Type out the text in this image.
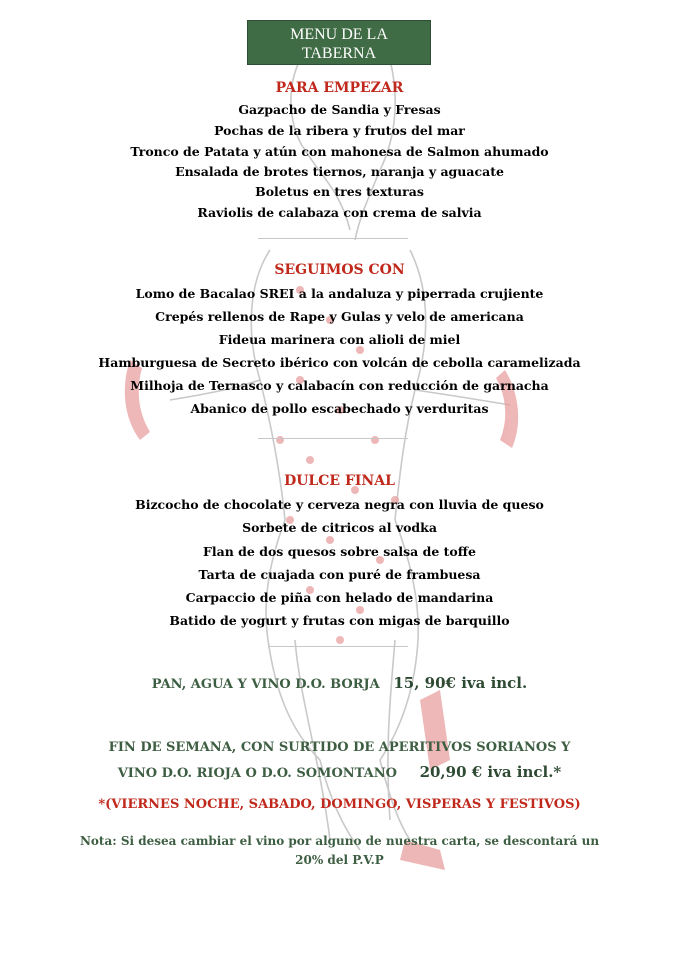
MENU DE LA
TABERNA
PARA EMPEZAR
Gazpacho de Sandia y Fresas
Pochas de la ribera y frutos del mar
Tronco de Patata y atún con mahonesa de Salmon ahumado
Ensalada de brotes tiernos, naranja y aguacate
Boletus en tres texturas
Raviolis de calabaza con crema de salvia
SEGUIMOS CON
Lomo de Bacalao SREI a la andaluza y piperrada crujiente
Crepés rellenos de Rape y Gulas y velo de americana
Fideua marinera con alioli de miel
Hamburguesa de Secreto ibérico con volcán de cebolla caramelizada
Milhoja de Ternasco y calabacín con reducción de garnacha
Abanico de pollo escabechado y verduritas
DULCE FINAL
Bizcocho de chocolate y cerveza negra con lluvia de queso
Sorbete de citricos al vodka
Flan de dos quesos sobre salsa de toffe
Tarta de cuajada con puré de frambuesa
Carpaccio de piña con helado de mandarina
Batido de yogurt y frutas con migas de barquillo
PAN, AGUA Y VINO D.O. BORJA 15, 90€ iva incl.
FIN DE SEMANA, CON SURTIDO DE APERITIVOS SORIANOS Y
VINO D.O. RIOJA O D.O. SOMONTANO 20,90 € iva incl.*
*(VIERNES NOCHE, SABADO, DOMINGO, VISPERAS Y FESTIVOS)
Nota: Si desea cambiar el vino por alguno de nuestra carta, se descontará un
20% del P.V.P
